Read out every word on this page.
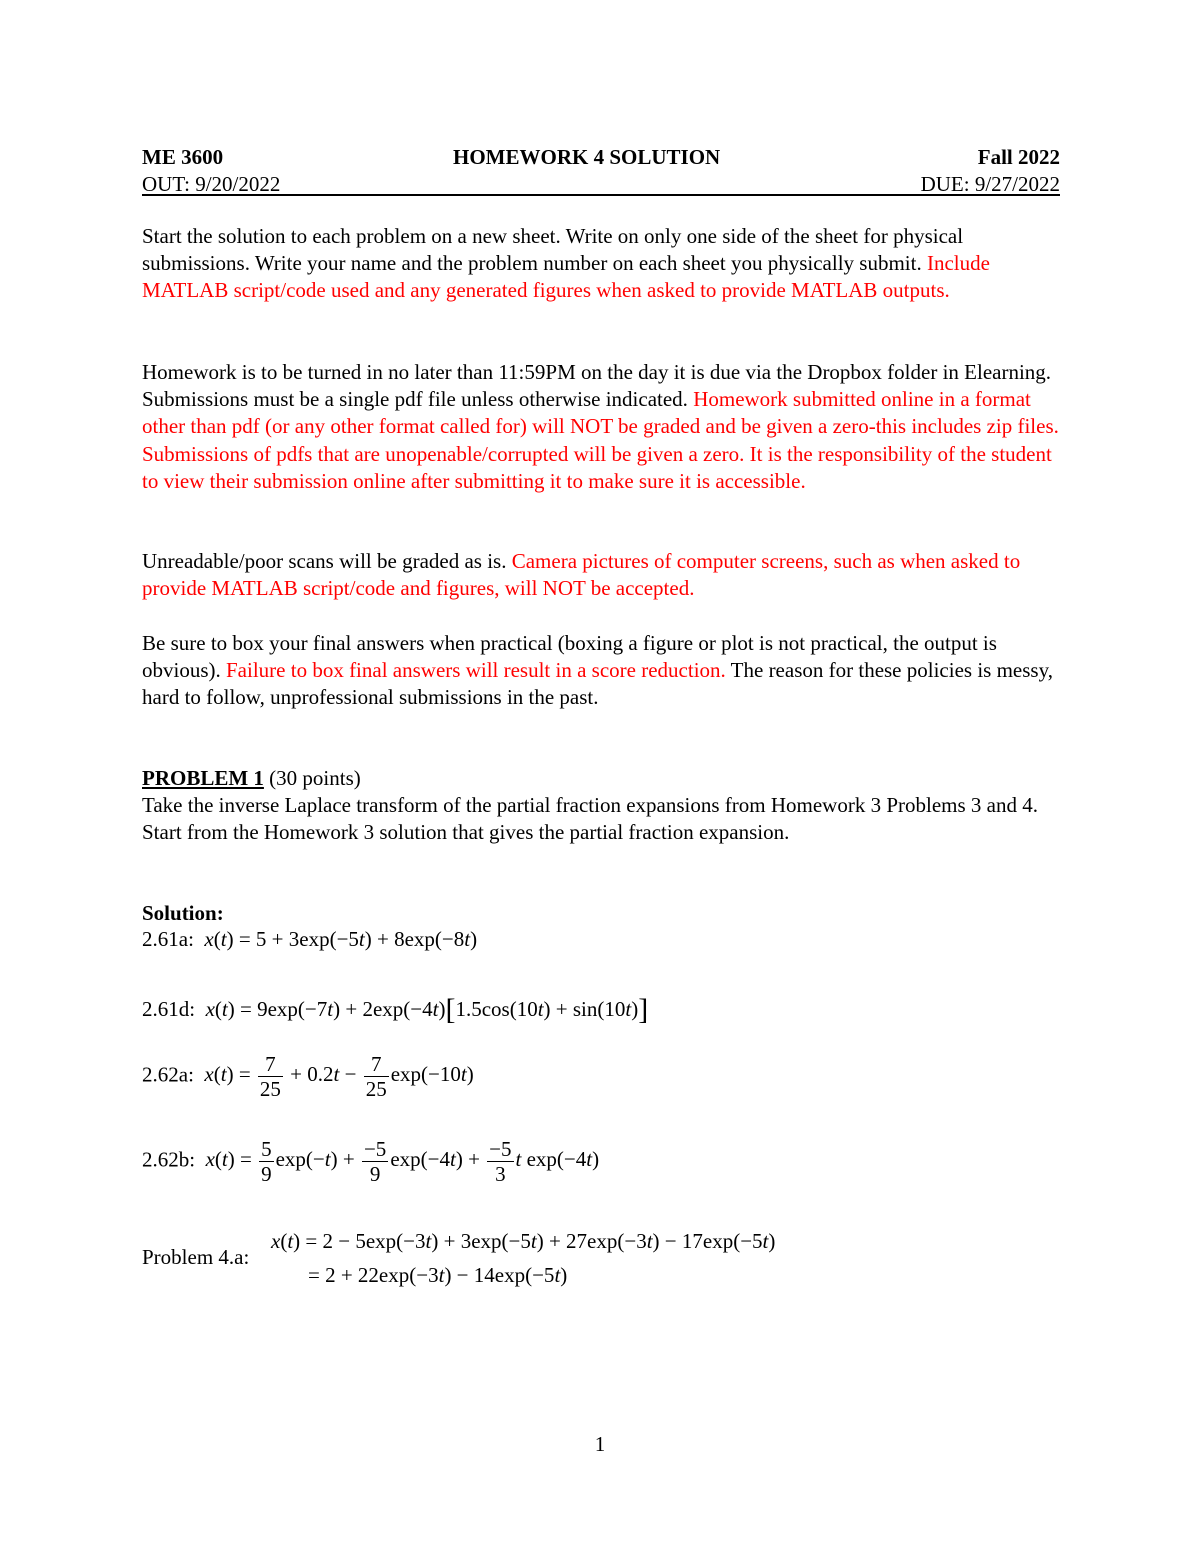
ME 3600	HOMEWORK 4 SOLUTION	Fall 2022
OUT: 9/20/2022	DUE: 9/27/2022
Start the solution to each problem on a new sheet. Write on only one side of the sheet for physical submissions. Write your name and the problem number on each sheet you physically submit. Include MATLAB script/code used and any generated figures when asked to provide MATLAB outputs.
Homework is to be turned in no later than 11:59PM on the day it is due via the Dropbox folder in Elearning. Submissions must be a single pdf file unless otherwise indicated. Homework submitted online in a format other than pdf (or any other format called for) will NOT be graded and be given a zero-this includes zip files. Submissions of pdfs that are unopenable/corrupted will be given a zero. It is the responsibility of the student to view their submission online after submitting it to make sure it is accessible.
Unreadable/poor scans will be graded as is. Camera pictures of computer screens, such as when asked to provide MATLAB script/code and figures, will NOT be accepted.
Be sure to box your final answers when practical (boxing a figure or plot is not practical, the output is obvious). Failure to box final answers will result in a score reduction. The reason for these policies is messy, hard to follow, unprofessional submissions in the past.
PROBLEM 1 (30 points)
Take the inverse Laplace transform of the partial fraction expansions from Homework 3 Problems 3 and 4. Start from the Homework 3 solution that gives the partial fraction expansion.
Solution:
2.61a: x(t) = 5 + 3exp(−5t) + 8exp(−8t)
2.61d: x(t) = 9exp(−7t) + 2exp(−4t)[1.5cos(10t) + sin(10t)]
2.62a: $x(t) = \frac{7}{25} + 0.2t - \frac{7}{25} \exp(-10t)$
2.62b: $x(t) = \frac{5}{9} \exp(-t) + \frac{-5}{9} \exp(-4t) + \frac{-5}{3}$ t exp(−4t)
Problem 4.a:
x(t) = 2 − 5exp(−3t) + 3exp(−5t) + 27exp(−3t) − 17exp(−5t)
= 2 + 22exp(−3t) − 14exp(−5t)
1
